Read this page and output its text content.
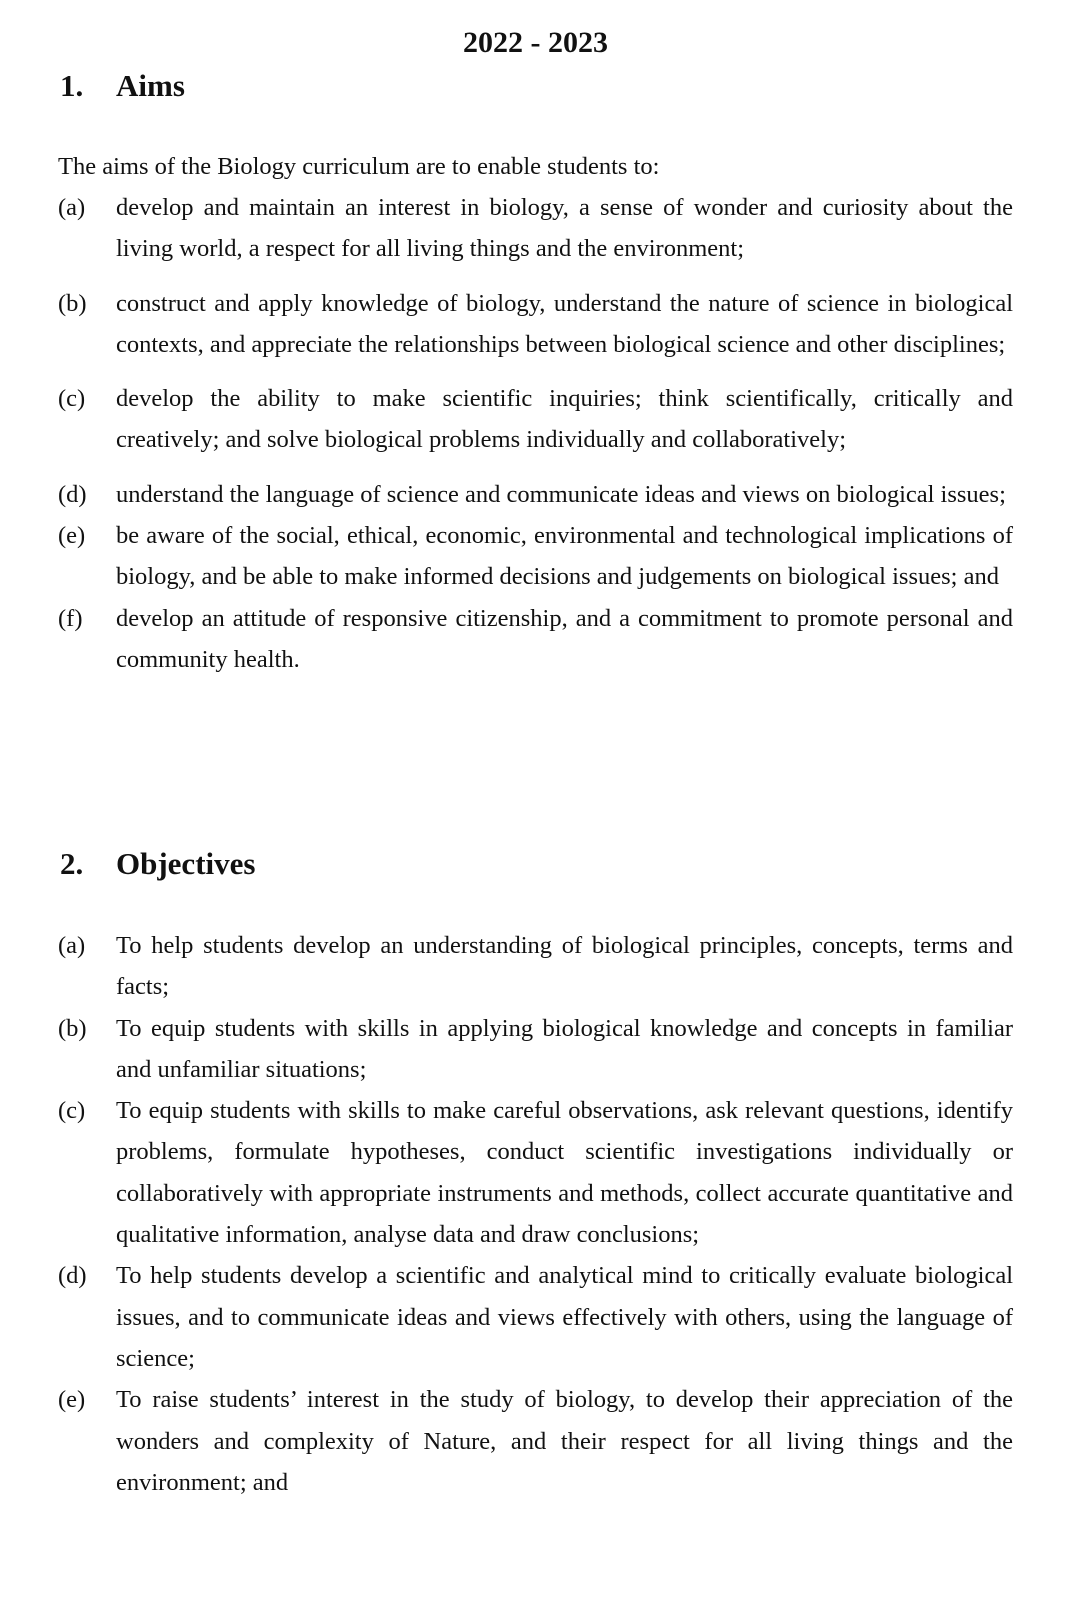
2022 - 2023
1. Aims
The aims of the Biology curriculum are to enable students to:
(a)	develop and maintain an interest in biology, a sense of wonder and curiosity about the living world, a respect for all living things and the environment;
(b)	construct and apply knowledge of biology, understand the nature of science in biological contexts, and appreciate the relationships between biological science and other disciplines;
(c)	develop the ability to make scientific inquiries; think scientifically, critically and creatively; and solve biological problems individually and collaboratively;
(d)	understand the language of science and communicate ideas and views on biological issues;
(e)	be aware of the social, ethical, economic, environmental and technological implications of biology, and be able to make informed decisions and judgements on biological issues; and
(f)	develop an attitude of responsive citizenship, and a commitment to promote personal and community health.
2. Objectives
(a)	To help students develop an understanding of biological principles, concepts, terms and facts;
(b)	To equip students with skills in applying biological knowledge and concepts in familiar and unfamiliar situations;
(c)	To equip students with skills to make careful observations, ask relevant questions, identify problems, formulate hypotheses, conduct scientific investigations individually or collaboratively with appropriate instruments and methods, collect accurate quantitative and qualitative information, analyse data and draw conclusions;
(d)	To help students develop a scientific and analytical mind to critically evaluate biological issues, and to communicate ideas and views effectively with others, using the language of science;
(e)	To raise students’ interest in the study of biology, to develop their appreciation of the wonders and complexity of Nature, and their respect for all living things and the environment; and
